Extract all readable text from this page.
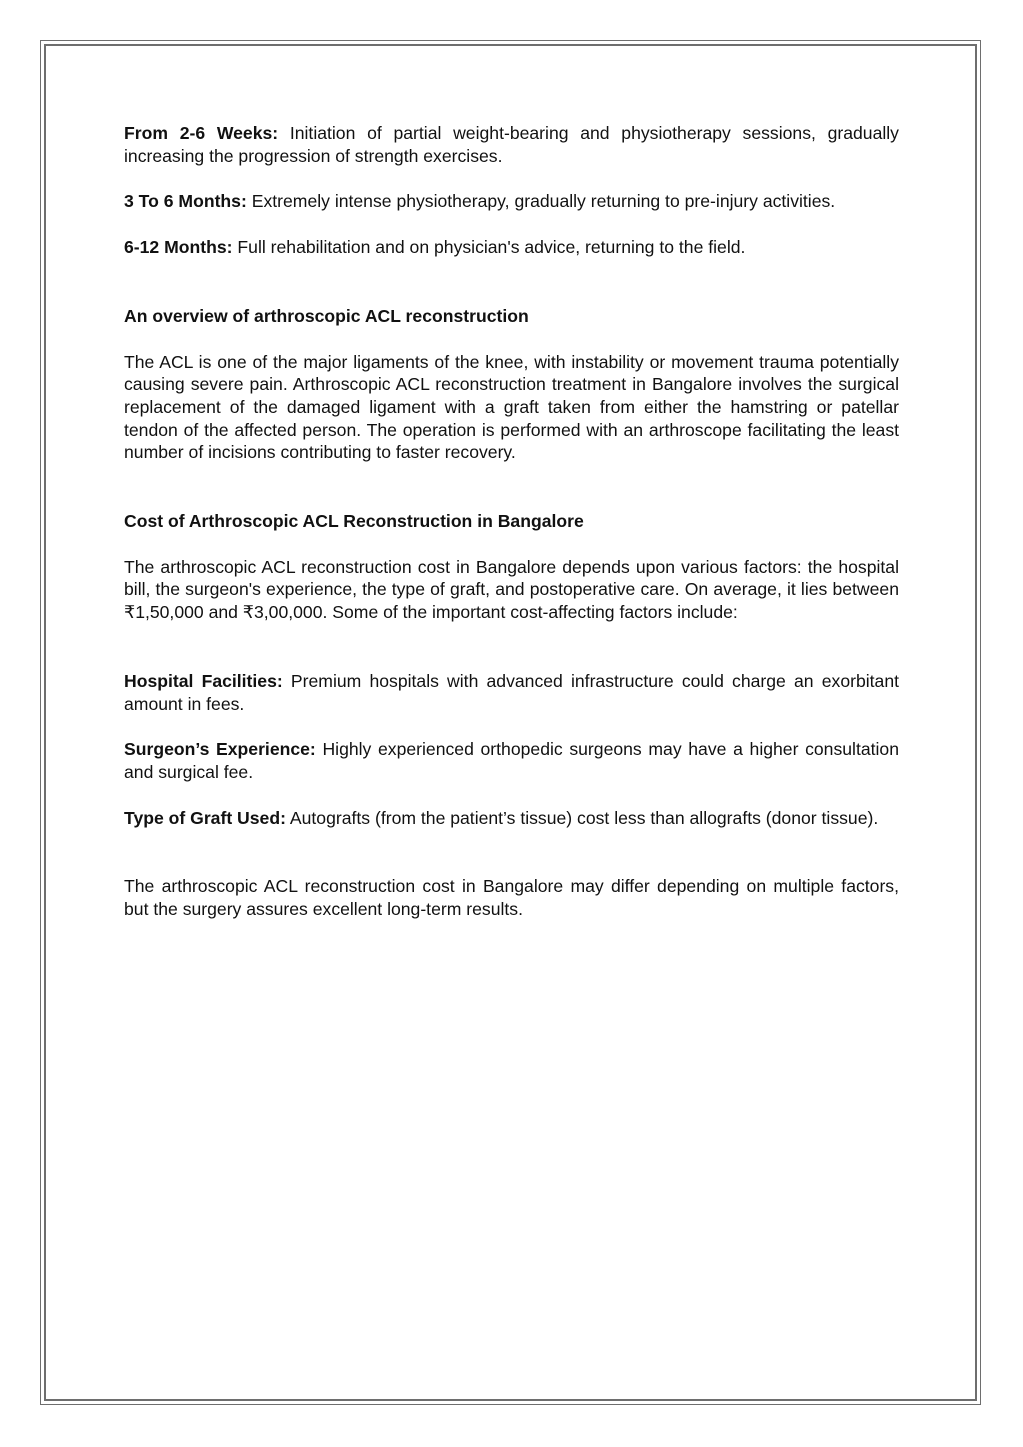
From 2-6 Weeks: Initiation of partial weight-bearing and physiotherapy sessions, gradually increasing the progression of strength exercises.

3 To 6 Months: Extremely intense physiotherapy, gradually returning to pre-injury activities.

6-12 Months: Full rehabilitation and on physician's advice, returning to the field.

An overview of arthroscopic ACL reconstruction

The ACL is one of the major ligaments of the knee, with instability or movement trauma potentially causing severe pain. Arthroscopic ACL reconstruction treatment in Bangalore involves the surgical replacement of the damaged ligament with a graft taken from either the hamstring or patellar tendon of the affected person. The operation is performed with an arthroscope facilitating the least number of incisions contributing to faster recovery.

Cost of Arthroscopic ACL Reconstruction in Bangalore

The arthroscopic ACL reconstruction cost in Bangalore depends upon various factors: the hospital bill, the surgeon's experience, the type of graft, and postoperative care. On average, it lies between ₹1,50,000 and ₹3,00,000. Some of the important cost-affecting factors include:

Hospital Facilities: Premium hospitals with advanced infrastructure could charge an exorbitant amount in fees.

Surgeon’s Experience: Highly experienced orthopedic surgeons may have a higher consultation and surgical fee.

Type of Graft Used: Autografts (from the patient’s tissue) cost less than allografts (donor tissue).

The arthroscopic ACL reconstruction cost in Bangalore may differ depending on multiple factors, but the surgery assures excellent long-term results.
